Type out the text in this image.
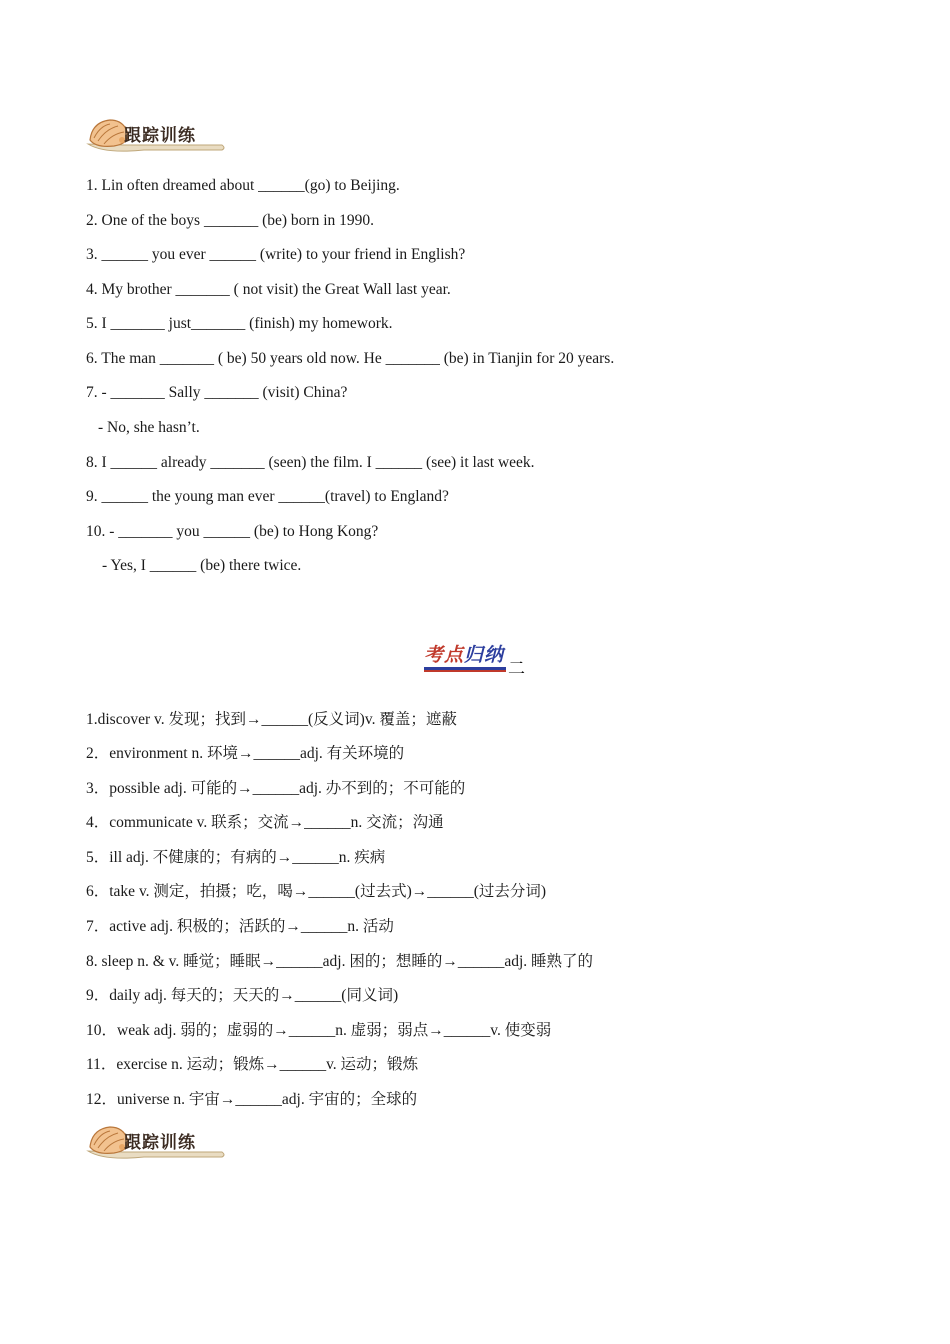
跟踪训练
1. Lin often dreamed about ______(go) to Beijing.
2. One of the boys _______ (be) born in 1990.
3. ______ you ever ______ (write) to your friend in English?
4. My brother _______ ( not visit) the Great Wall last year.
5. I _______ just_______ (finish) my homework.
6. The man _______ ( be) 50 years old now. He _______ (be) in Tianjin for 20 years.
7. - _______ Sally _______ (visit) China?
- No, she hasn’t.
8. I ______ already _______ (seen) the film. I ______ (see) it last week.
9. ______ the young man ever ______(travel) to England?
10. - _______ you ______ (be) to Hong Kong?
- Yes, I ______ (be) there twice.
考点归纳
二
1.discover v. 发现；找到→______(反义词)v. 覆盖；遮蔽
2．environment n. 环境→______adj. 有关环境的
3．possible adj. 可能的→______adj. 办不到的；不可能的
4．communicate v. 联系；交流→______n. 交流；沟通
5．ill adj. 不健康的；有病的→______n. 疾病
6．take v. 测定，拍摄；吃，喝→______(过去式)→______(过去分词)
7．active adj. 积极的；活跃的→______n. 活动
8. sleep n. & v. 睡觉；睡眠→______adj. 困的；想睡的→______adj. 睡熟了的
9．daily adj. 每天的；天天的→______(同义词)
10．weak adj. 弱的；虚弱的→______n. 虚弱；弱点→______v. 使变弱
11．exercise n. 运动；锻炼→______v. 运动；锻炼
12．universe n. 宇宙→______adj. 宇宙的；全球的
跟踪训练
